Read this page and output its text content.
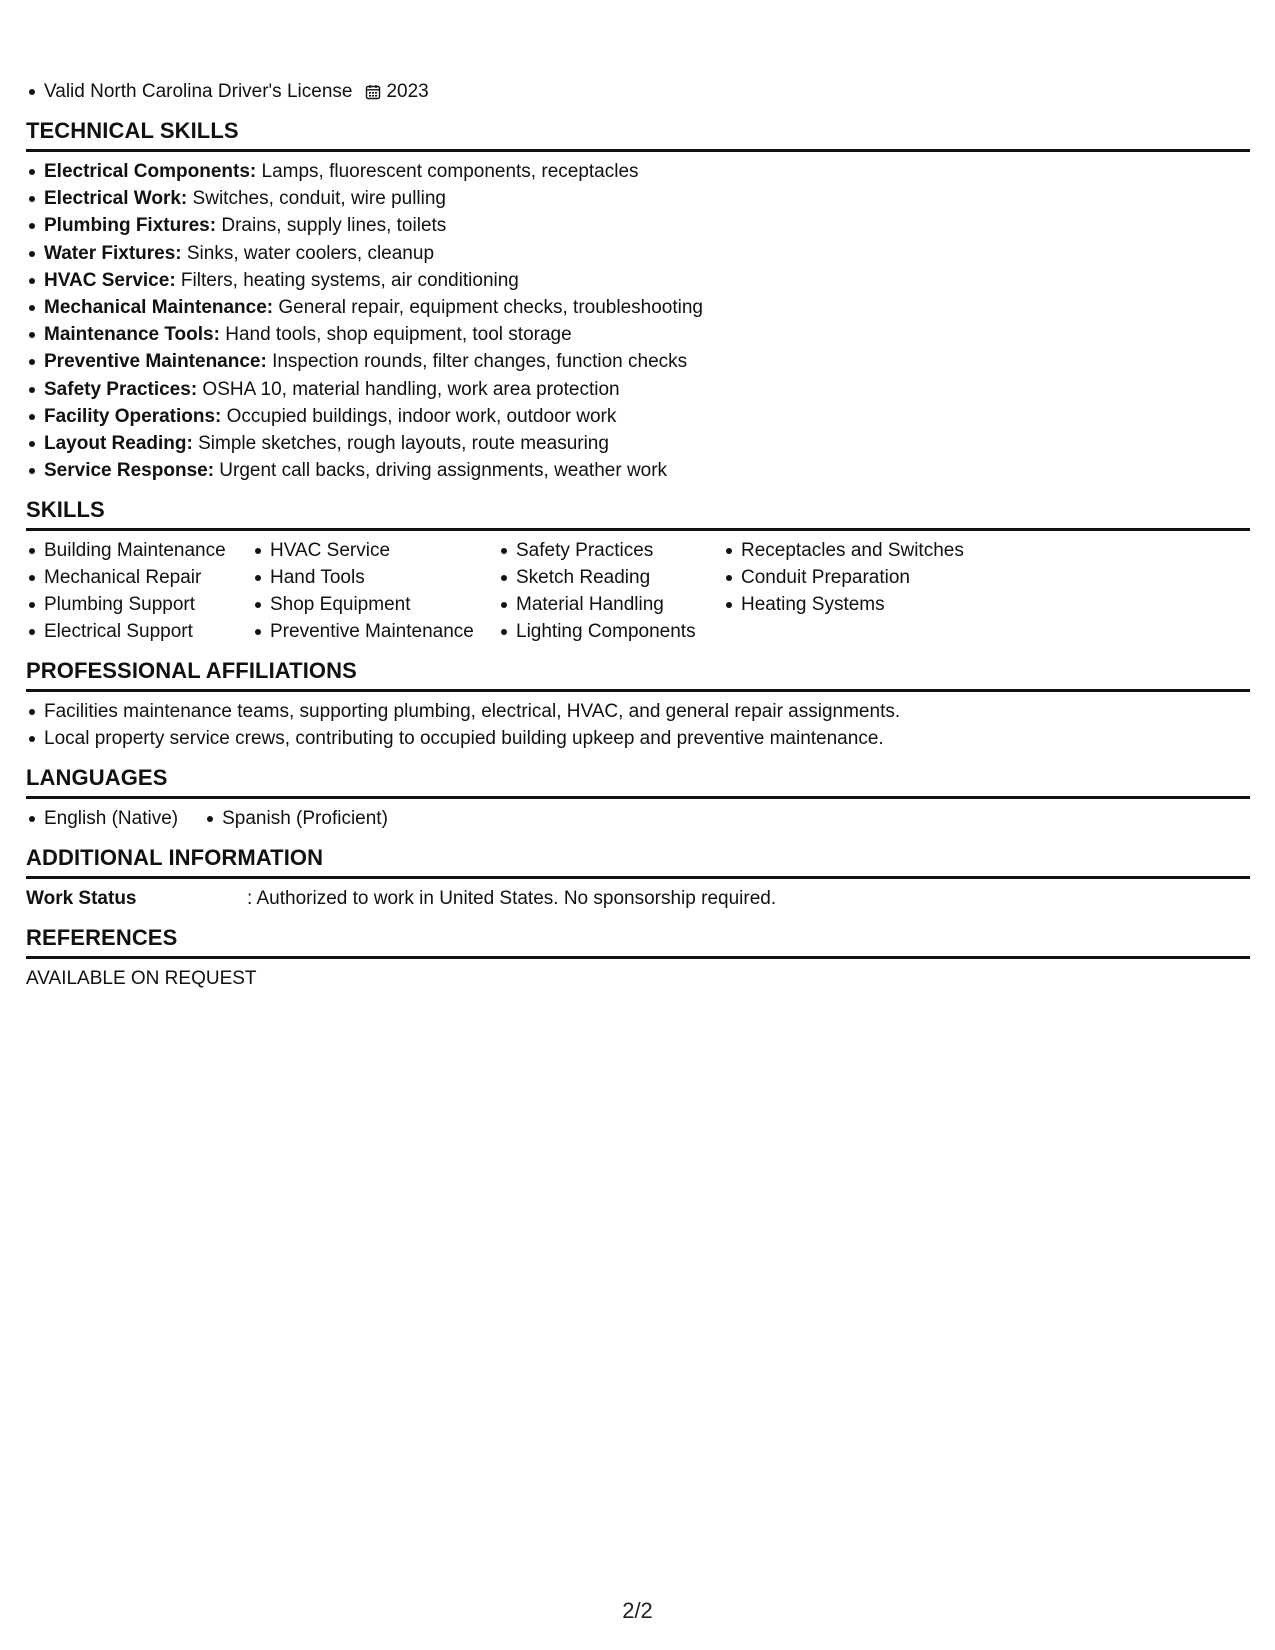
Valid North Carolina Driver's License 2023
TECHNICAL SKILLS
Electrical Components: Lamps, fluorescent components, receptacles
Electrical Work: Switches, conduit, wire pulling
Plumbing Fixtures: Drains, supply lines, toilets
Water Fixtures: Sinks, water coolers, cleanup
HVAC Service: Filters, heating systems, air conditioning
Mechanical Maintenance: General repair, equipment checks, troubleshooting
Maintenance Tools: Hand tools, shop equipment, tool storage
Preventive Maintenance: Inspection rounds, filter changes, function checks
Safety Practices: OSHA 10, material handling, work area protection
Facility Operations: Occupied buildings, indoor work, outdoor work
Layout Reading: Simple sketches, rough layouts, route measuring
Service Response: Urgent call backs, driving assignments, weather work
SKILLS
Building Maintenance
Mechanical Repair
Plumbing Support
Electrical Support
HVAC Service
Hand Tools
Shop Equipment
Preventive Maintenance
Safety Practices
Sketch Reading
Material Handling
Lighting Components
Receptacles and Switches
Conduit Preparation
Heating Systems
PROFESSIONAL AFFILIATIONS
Facilities maintenance teams, supporting plumbing, electrical, HVAC, and general repair assignments.
Local property service crews, contributing to occupied building upkeep and preventive maintenance.
LANGUAGES
English (Native) Spanish (Proficient)
ADDITIONAL INFORMATION
Work Status	: Authorized to work in United States. No sponsorship required.
REFERENCES
AVAILABLE ON REQUEST
2/2
